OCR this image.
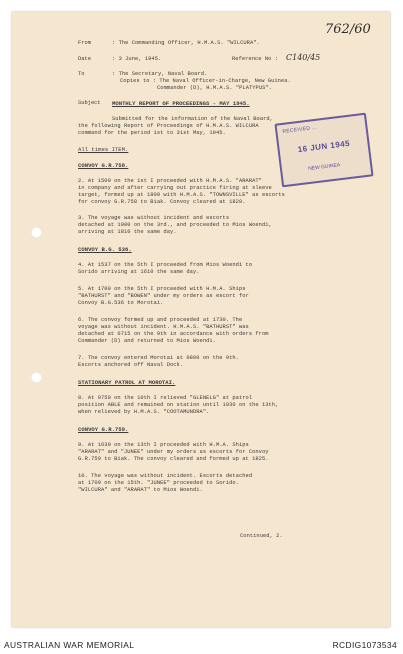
762/60
From	: The Commanding Officer, H.M.A.S. "WILCURA".
Date	: 3 June, 1945.	Reference No : C140/45
To	: The Secretary, Naval Board.
Copies to : The Naval Officer-in-Charge, New Guinea.
Commander (D), H.M.A.S. "PLATYPUS".
Subject MONTHLY REPORT OF PROCEEDINGS - MAY 1945.
Submitted for the information of the Naval Board,
the following Report of Proceedings of H.M.A.S. WILCURA
command for the period 1st to 31st May, 1945.
All times ITEM.
CONVOY G.R.758.
2. At 1500 on the 1st I proceeded with H.M.A.S. "ARARAT"
in company and after carrying out practice firing at sleeve
target, formed up at 1800 with H.M.A.S. "TOWNSVILLE" as escorts
for convoy G.R.758 to Biak. Convoy cleared at 1820.
3. The voyage was without incident and escorts
detached at 1000 on the 3rd., and proceeded to Mios Woendi,
arriving at 1810 the same day.
CONVOY B.G. 536.
4. At 1537 on the 5th I proceeded from Mios Woendi to
Sorido arriving at 1610 the same day.
5. At 1700 on the 5th I proceeded with H.M.A. Ships
"BATHURST" and "BOWEN" under my orders as escort for
Convoy B.G.536 to Morotai.
6. The convoy formed up and proceeded at 1730. The
voyage was without incident. H.M.A.S. "BATHURST" was
detached at 0715 on the 9th in accordance with orders from
Commander (D) and returned to Mios Woendi.
7. The convoy entered Morotai at 0800 on the 9th.
Escorts anchored off Naval Dock.
STATIONARY PATROL AT MOROTAI.
8. At 0750 on the 10th I relieved "GLENELG" at patrol
position ABLE and remained on station until 1030 on the 13th,
when relieved by H.M.A.S. "COOTAMUNDRA".
CONVOY G.R.759.
9. At 1630 on the 13th I proceeded with H.M.A. Ships
"ARARAT" and "JUNEE" under my orders as escorts for Convoy
G.R.759 to Biak. The convoy cleared and formed up at 1825.
10. The voyage was without incident. Escorts detached
at 1700 on the 15th. "JUNEE" proceeded to Sorido.
"WILCURA" and "ARARAT" to Mios Woendi.
Continued, 2.
RECEIVED ...
16 JUN 1945
NEW GUINEA
AUSTRALIAN WAR MEMORIAL	RCDIG1073534
